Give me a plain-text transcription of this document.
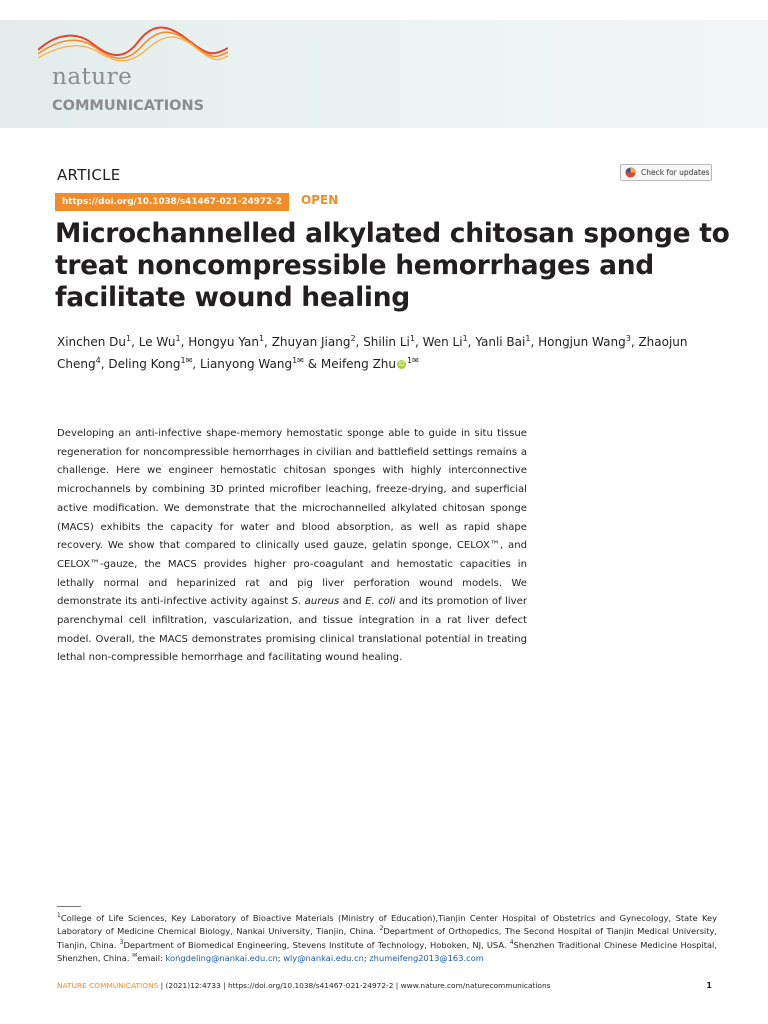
nature
COMMUNICATIONS
ARTICLE	Check for updates
https://doi.org/10.1038/s41467-021-24972-2	OPEN
Microchannelled alkylated chitosan sponge to treat noncompressible hemorrhages and facilitate wound healing
Xinchen Du$^1$, Le Wu$^1$, Hongyu Yan$^1$, Zhuyan Jiang$^2$, Shilin Li$^1$, Wen Li$^1$, Yanli Bai$^1$, Hongjun Wang$^3$, Zhaojun Cheng$^4$, Deling Kong$^{1✉}$, Lianyong Wang$^{1✉}$ & Meifeng Zhu iD $^{1✉}$

Developing an anti-infective shape-memory hemostatic sponge able to guide in situ tissue regeneration for noncompressible hemorrhages in civilian and battlefield settings remains a challenge. Here we engineer hemostatic chitosan sponges with highly interconnective microchannels by combining 3D printed microfiber leaching, freeze-drying, and superficial active modification. We demonstrate that the microchannelled alkylated chitosan sponge (MACS) exhibits the capacity for water and blood absorption, as well as rapid shape recovery. We show that compared to clinically used gauze, gelatin sponge, CELOX™, and CELOX™-gauze, the MACS provides higher pro-coagulant and hemostatic capacities in lethally normal and heparinized rat and pig liver perforation wound models. We demonstrate its anti-infective activity against S. aureus and E. coli and its promotion of liver parenchymal cell infiltration, vascularization, and tissue integration in a rat liver defect model. Overall, the MACS demonstrates promising clinical translational potential in treating lethal non-compressible hemorrhage and facilitating wound healing.

$^1$College of Life Sciences, Key Laboratory of Bioactive Materials (Ministry of Education),Tianjin Center Hospital of Obstetrics and Gynecology, State Key Laboratory of Medicine Chemical Biology, Nankai University, Tianjin, China. $^2$Department of Orthopedics, The Second Hospital of Tianjin Medical University, Tianjin, China. $^3$Department of Biomedical Engineering, Stevens Institute of Technology, Hoboken, NJ, USA. $^4$Shenzhen Traditional Chinese Medicine Hospital, Shenzhen, China. ✉email: kongdeling@nankai.edu.cn; wly@nankai.edu.cn; zhumeifeng2013@163.com

NATURE COMMUNICATIONS | (2021)12:4733 | https://doi.org/10.1038/s41467-021-24972-2 | www.nature.com/naturecommunications	1
